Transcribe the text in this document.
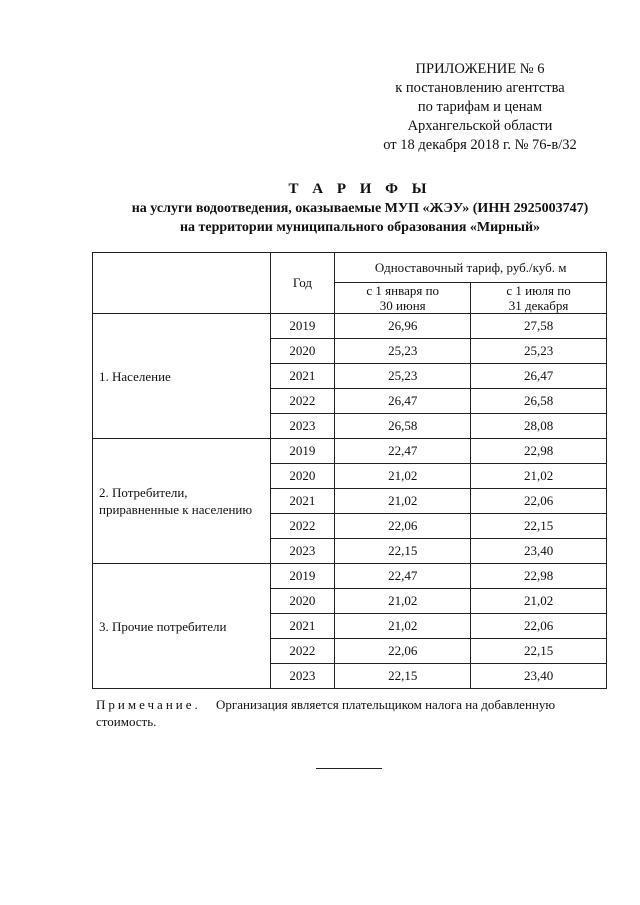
ПРИЛОЖЕНИЕ № 6
к постановлению агентства
по тарифам и ценам
Архангельской области
от 18 декабря 2018 г. № 76-в/32
Т А Р И Ф Ы
на услуги водоотведения, оказываемые МУП «ЖЭУ» (ИНН 2925003747)
на территории муниципального образования «Мирный»
	Год	Одноставочный тариф, руб./куб. м	
		с 1 января по 30 июня	с 1 июля по 31 декабря
1. Население	2019	26,96	27,58
	2020	25,23	25,23
	2021	25,23	26,47
	2022	26,47	26,58
	2023	26,58	28,08
2. Потребители, приравненные к населению	2019	22,47	22,98
	2020	21,02	21,02
	2021	21,02	22,06
	2022	22,06	22,15
	2023	22,15	23,40
3. Прочие потребители	2019	22,47	22,98
	2020	21,02	21,02
	2021	21,02	22,06
	2022	22,06	22,15
	2023	22,15	23,40
Примечание. Организация является плательщиком налога на добавленную стоимость.
